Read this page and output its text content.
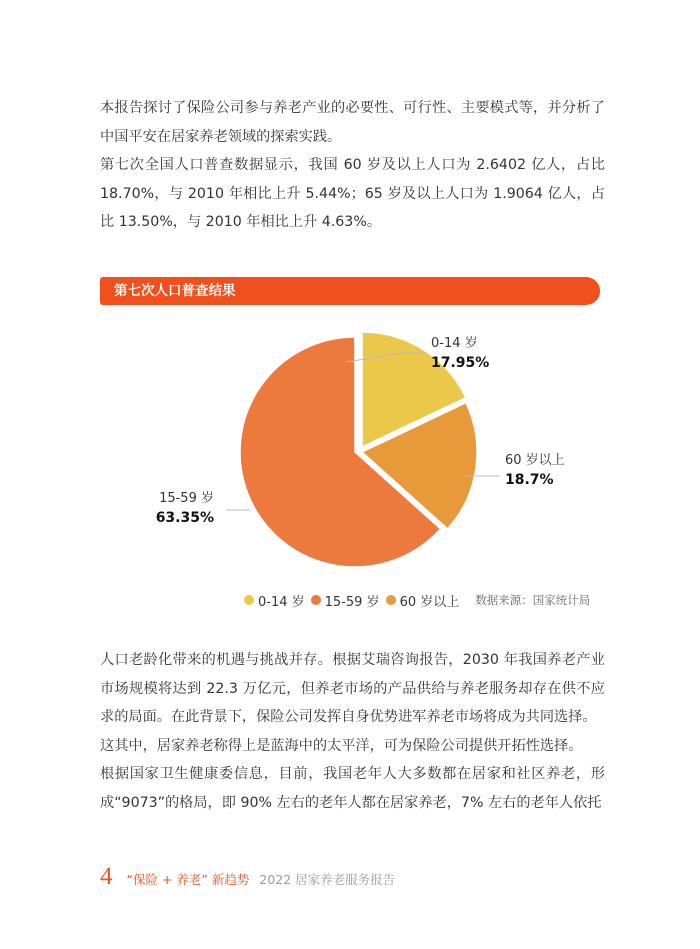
本报告探讨了保险公司参与养老产业的必要性、可行性、主要模式等，并分析了中国平安在居家养老领域的探索实践。

第七次全国人口普查数据显示，我国 60 岁及以上人口为 2.6402 亿人，占比 18.70%，与 2010 年相比上升 5.44%；65 岁及以上人口为 1.9064 亿人，占比 13.50%，与 2010 年相比上升 4.63%。

第七次人口普查结果
0-14 岁
17.95%
60 岁以上
18.7%
15-59 岁
63.35%
0-14 岁 15-59 岁 60 岁以上 数据来源：国家统计局

人口老龄化带来的机遇与挑战并存。根据艾瑞咨询报告，2030 年我国养老产业市场规模将达到 22.3 万亿元，但养老市场的产品供给与养老服务却存在供不应求的局面。在此背景下，保险公司发挥自身优势进军养老市场将成为共同选择。

这其中，居家养老称得上是蓝海中的太平洋，可为保险公司提供开拓性选择。

根据国家卫生健康委信息，目前，我国老年人大多数都在居家和社区养老，形成“9073”的格局，即 90% 左右的老年人都在居家养老，7% 左右的老年人依托

4 “保险 + 养老” 新趋势 2022 居家养老服务报告
